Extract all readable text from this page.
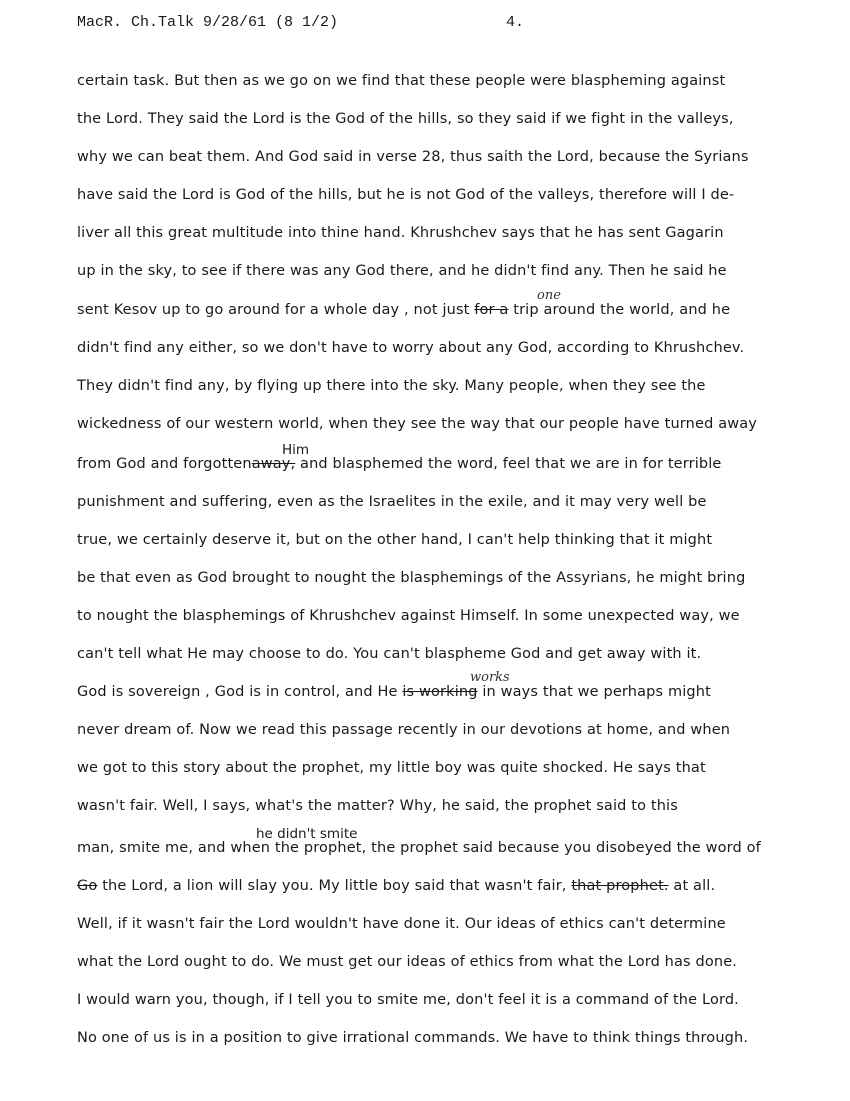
MacR. Ch.Talk 9/28/61 (8 1/2)	4.
certain task. But then as we go on we find that these people were blaspheming against
the Lord. They said the Lord is the God of the hills, so they said if we fight in the valleys,
why we can beat them. And God said in verse 28, thus saith the Lord, because the Syrians
have said the Lord is God of the hills, but he is not God of the valleys, therefore will I de-
liver all this great multitude into thine hand. Khrushchev says that he has sent Gagarin
up in the sky, to see if there was any God there, and he didn't find any. Then he said he
one
sent Kesov up to go around for a whole day , not just for a trip around the world, and he
didn't find any either, so we don't have to worry about any God, according to Khrushchev.
They didn't find any, by flying up there into the sky. Many people, when they see the
wickedness of our western world, when they see the way that our people have turned away
Him
from God and forgottenaway, and blasphemed the word, feel that we are in for terrible
punishment and suffering, even as the Israelites in the exile, and it may very well be
true, we certainly deserve it, but on the other hand, I can't help thinking that it might
be that even as God brought to nought the blasphemings of the Assyrians, he might bring
to nought the blasphemings of Khrushchev against Himself. In some unexpected way, we
can't tell what He may choose to do. You can't blaspheme God and get away with it.
works
God is sovereign , God is in control, and He is working in ways that we perhaps might
never dream of. Now we read this passage recently in our devotions at home, and when
we got to this story about the prophet, my little boy was quite shocked. He says that
wasn't fair. Well, I says, what's the matter? Why, he said, the prophet said to this
he didn't smite
man, smite me, and when the prophet, the prophet said because you disobeyed the word of
Go the Lord, a lion will slay you. My little boy said that wasn't fair, that prophet. at all.
Well, if it wasn't fair the Lord wouldn't have done it. Our ideas of ethics can't determine
what the Lord ought to do. We must get our ideas of ethics from what the Lord has done.
I would warn you, though, if I tell you to smite me, don't feel it is a command of the Lord.
No one of us is in a position to give irrational commands. We have to think things through.
